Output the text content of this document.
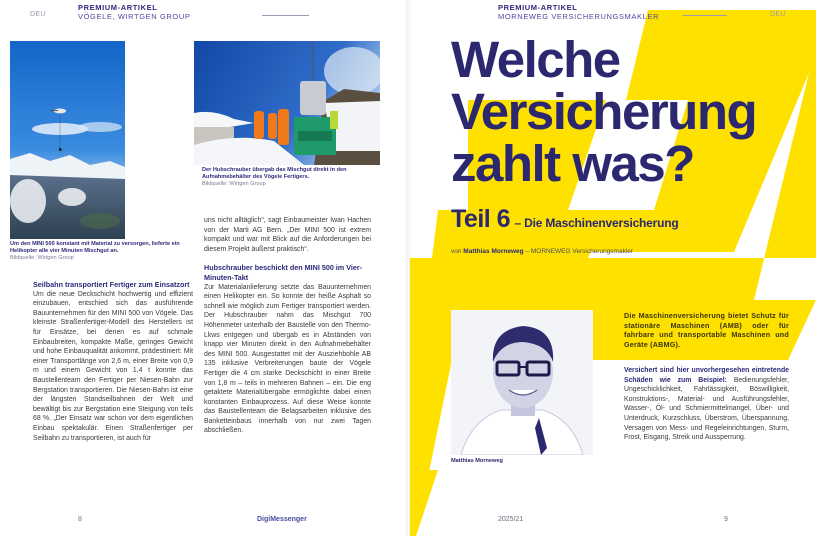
DEU
PREMIUM-ARTIKEL
VÖGELE, WIRTGEN GROUP
Um den MINI 500 konstant mit Material zu versorgen, lieferte ein Helikopter alle vier Minuten Mischgut an.
Bildquelle: Wirtgen Group
Der Hubschrauber übergab das Mischgut direkt in den Aufnahmebehälter des Vögele Fertigers.
Bildquelle: Wirtgen Group
Seilbahn transportiert Fertiger zum Einsatzort

Um die neue Deckschicht hochwertig und effizient einzubauen, entschied sich das ausführende Bauunternehmen für den MINI 500 von Vögele. Das kleinste Straßenfertiger-Modell des Herstellers ist für Einsätze, bei denen es auf schmale Einbaubreiten, kompakte Maße, geringes Gewicht und hohe Einbauqualität ankommt, prädestiniert: Mit einer Transportlänge von 2,6 m, einer Breite von 0,9 m und einem Gewicht von 1,4 t konnte das Baustellenteam den Fertiger per Niesen-Bahn zur Bergstation transportieren. Die Niesen-Bahn ist eine der längsten Standseilbahnen der Welt und bewältigt bis zur Bergstation eine Steigung von teils 68 %. „Der Einsatz war schon vor dem eigentlichen Einbau spektakulär. Einen Straßenfertiger per Seilbahn zu transportieren, ist auch für

uns nicht alltäglich“, sagt Einbaumeister Iwan Hachen von der Marti AG Bern. „Der MINI 500 ist extrem kompakt und war mit Blick auf die Anforderungen bei diesem Projekt äußerst praktisch“.

Hubschrauber beschickt den MINI 500 im Vier-Minuten-Takt

Zur Materialanlieferung setzte das Bauunternehmen einen Helikopter ein. So konnte der heiße Asphalt so schnell wie möglich zum Fertiger transportiert werden. Der Hubschrauber nahm das Mischgut 700 Höhenmeter unterhalb der Baustelle von den Thermo-Lkws entgegen und übergab es in Abständen von knapp vier Minuten direkt in den Aufnahmebehälter des MINI 500. Ausgestattet mit der Ausziehbohle AB 135 inklusive Verbreiterungen baute der Vögele Fertiger die 4 cm starke Deckschicht in einer Breite von 1,8 m – teils in mehreren Bahnen – ein. Die eng getaktete Materialübergabe ermöglichte dabei einen konstanten Einbauprozess. Auf diese Weise konnte das Baustellenteam die Belagsarbeiten inklusive des Banketteinbaus innerhalb von nur zwei Tagen abschließen.

8	DigiMessenger
PREMIUM-ARTIKEL
MORNEWEG VERSICHERUNGSMAKLER	DEU
Welche
Versicherung
zahlt was?
Teil 6 – Die Maschinenversicherung
von Matthias Morneweg – MORNEWEG Versicherungsmakler
Matthias Morneweg
Die Maschinenversicherung bietet Schutz für stationäre Maschinen (AMB) oder für fahrbare und transportable Maschinen und Geräte (ABMG).
Versichert sind hier unvorhergesehen eintretende Schäden wie zum Beispiel: Bedienungsfehler, Ungeschicklichkeit, Fahrlässigkeit, Böswilligkeit, Konstruktions-, Material- und Ausführungsfehler, Wasser-, Öl- und Schmiermittelmangel, Über- und Unterdruck, Kurzschluss, Überstrom, Überspannung, Versagen von Mess- und Regeleinrichtungen, Sturm, Frost, Eisgang, Streik und Aussperrung.
2025/21	9
